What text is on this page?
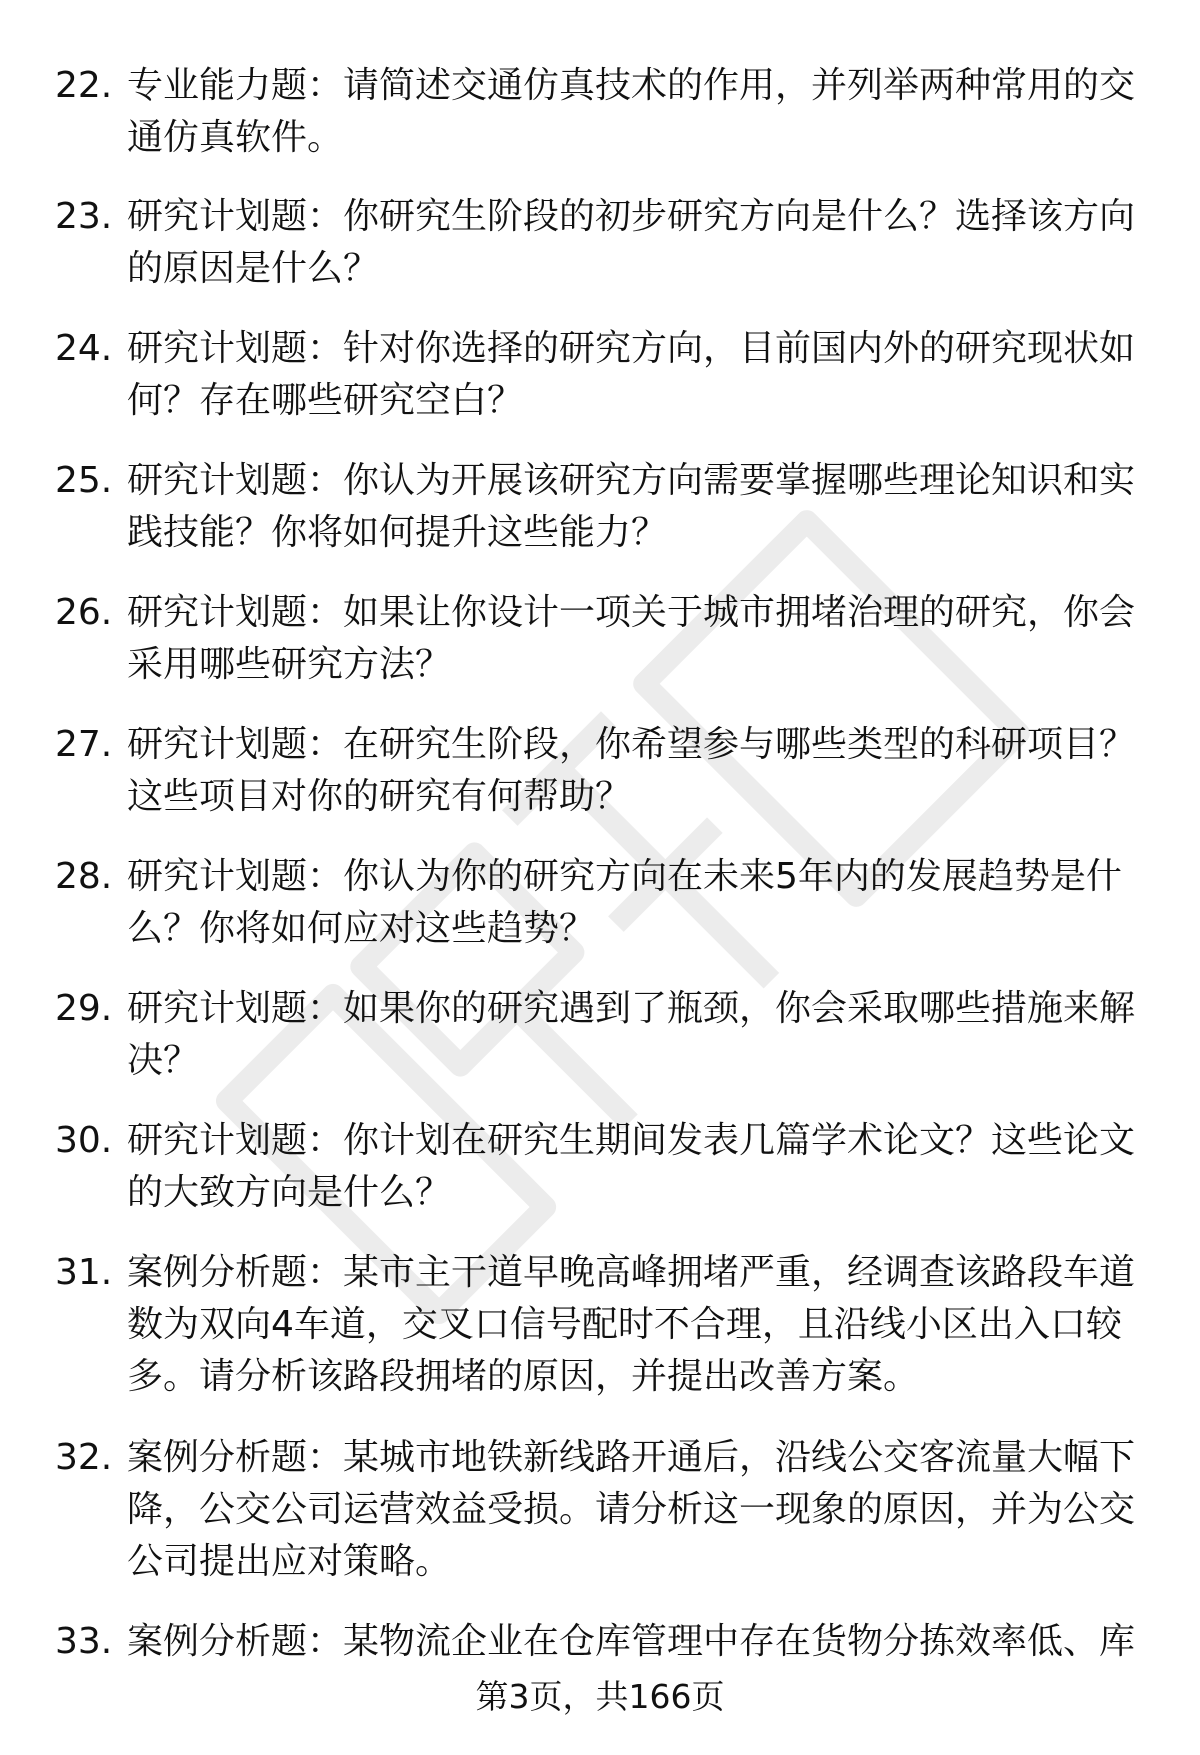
22. 专业能力题：请简述交通仿真技术的作用，并列举两种常用的交通仿真软件。
23. 研究计划题：你研究生阶段的初步研究方向是什么？选择该方向的原因是什么？
24. 研究计划题：针对你选择的研究方向，目前国内外的研究现状如何？存在哪些研究空白？
25. 研究计划题：你认为开展该研究方向需要掌握哪些理论知识和实践技能？你将如何提升这些能力？
26. 研究计划题：如果让你设计一项关于城市拥堵治理的研究，你会采用哪些研究方法？
27. 研究计划题：在研究生阶段，你希望参与哪些类型的科研项目？这些项目对你的研究有何帮助？
28. 研究计划题：你认为你的研究方向在未来5年内的发展趋势是什么？你将如何应对这些趋势？
29. 研究计划题：如果你的研究遇到了瓶颈，你会采取哪些措施来解决？
30. 研究计划题：你计划在研究生期间发表几篇学术论文？这些论文的大致方向是什么？
31. 案例分析题：某市主干道早晚高峰拥堵严重，经调查该路段车道数为双向4车道，交叉口信号配时不合理，且沿线小区出入口较多。请分析该路段拥堵的原因，并提出改善方案。
32. 案例分析题：某城市地铁新线路开通后，沿线公交客流量大幅下降，公交公司运营效益受损。请分析这一现象的原因，并为公交公司提出应对策略。
33. 案例分析题：某物流企业在仓库管理中存在货物分拣效率低、库
第3页，共166页
